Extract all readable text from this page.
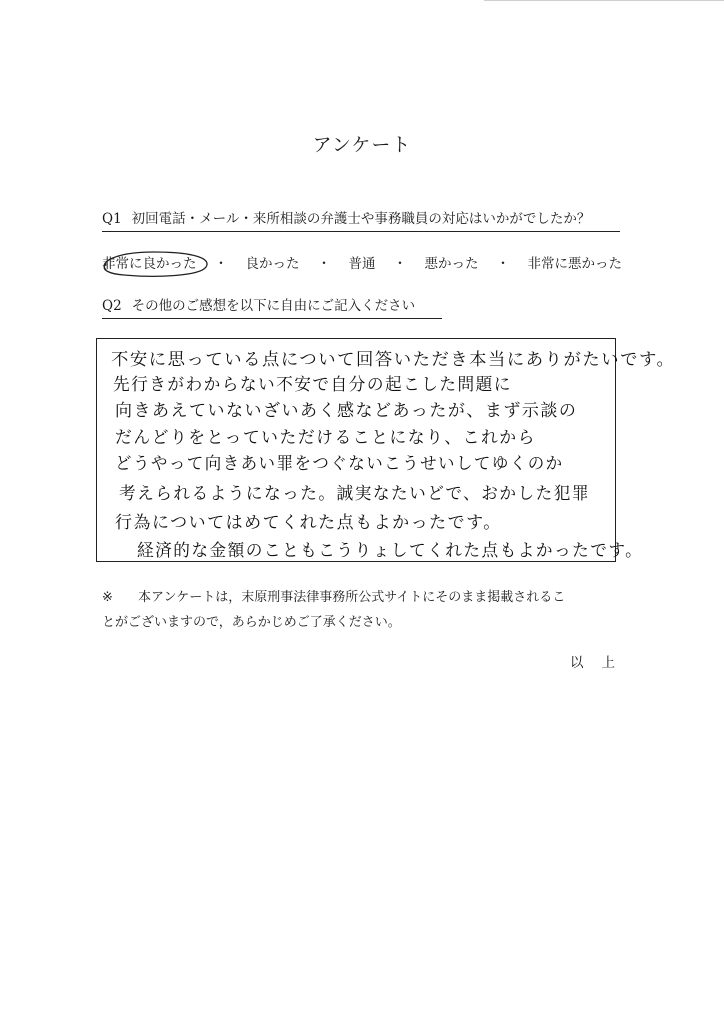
アンケート
Q1 初回電話・メール・来所相談の弁護士や事務職員の対応はいかがでしたか？
非常に良かった ・ 良かった ・ 普通 ・ 悪かった ・ 非常に悪かった
Q2 その他のご感想を以下に自由にご記入ください
不安に思っている点について回答いただき本当にありがたいです。
先行きがわからない不安で自分の起こした問題に
向きあえていないざいあく感などあったが、まず示談の
だんどりをとっていただけることになり、これから
どうやって向きあい罪をつぐないこうせいしてゆくのか
考えられるようになった。誠実なたいどで、おかした犯罪
行為についてはめてくれた点もよかったです。
経済的な金額のこともこうりょしてくれた点もよかったです。
※ 本アンケートは，末原刑事法律事務所公式サイトにそのまま掲載されるこ
とがございますので，あらかじめご了承ください。
以上
